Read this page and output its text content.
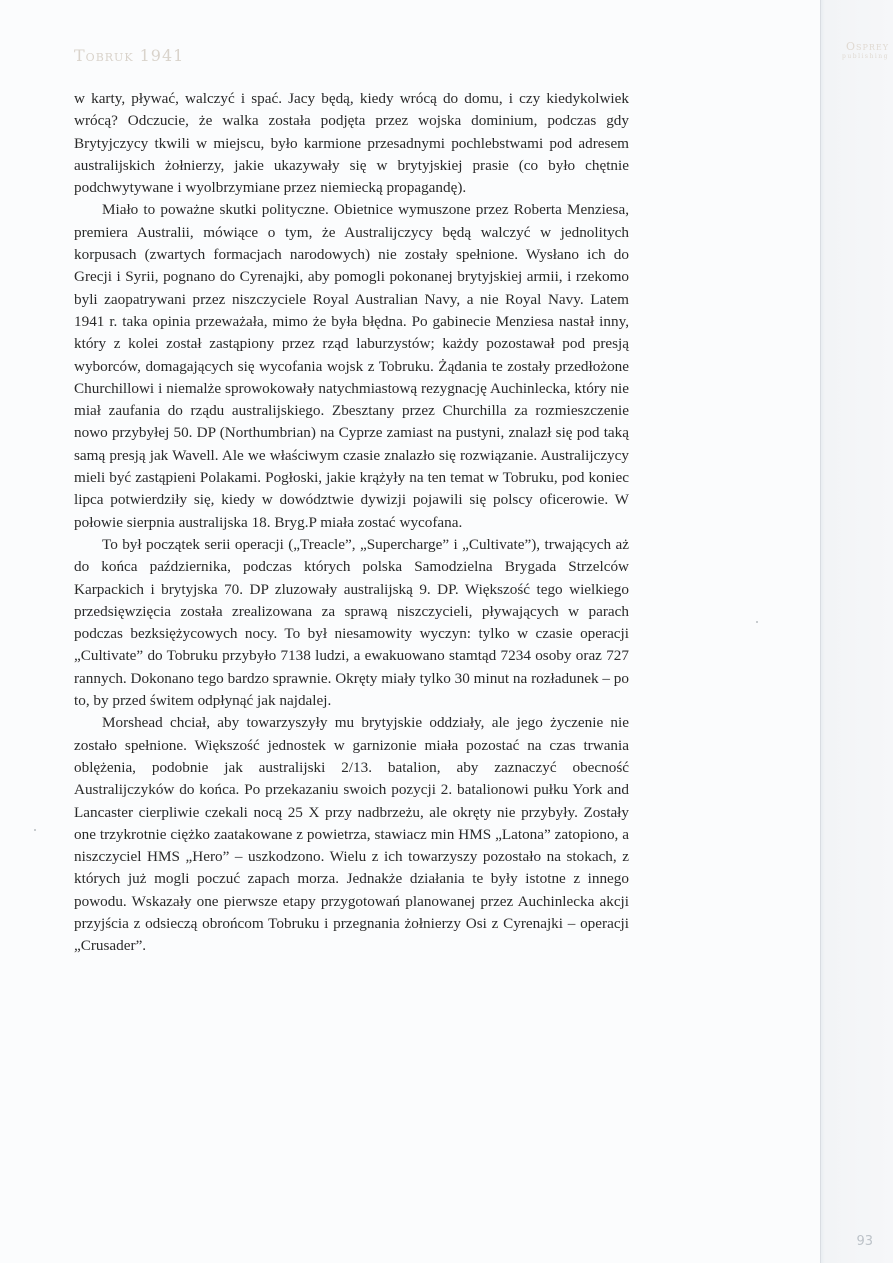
Tobruk 1941	Osprey
publishing

w karty, pływać, walczyć i spać. Jacy będą, kiedy wrócą do domu, i czy kiedykolwiek wrócą? Odczucie, że walka została podjęta przez wojska dominium, podczas gdy Brytyjczycy tkwili w miejscu, było karmione przesadnymi pochlebstwami pod adresem australijskich żołnierzy, jakie ukazywały się w brytyjskiej prasie (co było chętnie podchwytywane i wyolbrzymiane przez niemiecką propagandę).

Miało to poważne skutki polityczne. Obietnice wymuszone przez Roberta Menziesa, premiera Australii, mówiące o tym, że Australijczycy będą walczyć w jednolitych korpusach (zwartych formacjach narodowych) nie zostały spełnione. Wysłano ich do Grecji i Syrii, pognano do Cyrenajki, aby pomogli pokonanej brytyjskiej armii, i rzekomo byli zaopatrywani przez niszczyciele Royal Australian Navy, a nie Royal Navy. Latem 1941 r. taka opinia przeważała, mimo że była błędna. Po gabinecie Menziesa nastał inny, który z kolei został zastąpiony przez rząd laburzystów; każdy pozostawał pod presją wyborców, domagających się wycofania wojsk z Tobruku. Żądania te zostały przedłożone Churchillowi i niemalże sprowokowały natychmiastową rezygnację Auchinlecka, który nie miał zaufania do rządu australijskiego. Zbesztany przez Churchilla za rozmieszczenie nowo przybyłej 50. DP (Northumbrian) na Cyprze zamiast na pustyni, znalazł się pod taką samą presją jak Wavell. Ale we właściwym czasie znalazło się rozwiązanie. Australijczycy mieli być zastąpieni Polakami. Pogłoski, jakie krążyły na ten temat w Tobruku, pod koniec lipca potwierdziły się, kiedy w dowództwie dywizji pojawili się polscy oficerowie. W połowie sierpnia australijska 18. Bryg.P miała zostać wycofana.

To był początek serii operacji („Treacle”, „Supercharge” i „Cultivate”), trwających aż do końca października, podczas których polska Samodzielna Brygada Strzelców Karpackich i brytyjska 70. DP zluzowały australijską 9. DP. Większość tego wielkiego przedsięwzięcia została zrealizowana za sprawą niszczycieli, pływających w parach podczas bezksiężycowych nocy. To był niesamowity wyczyn: tylko w czasie operacji „Cultivate” do Tobruku przybyło 7138 ludzi, a ewakuowano stamtąd 7234 osoby oraz 727 rannych. Dokonano tego bardzo sprawnie. Okręty miały tylko 30 minut na rozładunek – po to, by przed świtem odpłynąć jak najdalej.

Morshead chciał, aby towarzyszyły mu brytyjskie oddziały, ale jego życzenie nie zostało spełnione. Większość jednostek w garnizonie miała pozostać na czas trwania oblężenia, podobnie jak australijski 2/13. batalion, aby zaznaczyć obecność Australijczyków do końca. Po przekazaniu swoich pozycji 2. batalionowi pułku York and Lancaster cierpliwie czekali nocą 25 X przy nadbrzeżu, ale okręty nie przybyły. Zostały one trzykrotnie ciężko zaatakowane z powietrza, stawiacz min HMS „Latona” zatopiono, a niszczyciel HMS „Hero” – uszkodzono. Wielu z ich towarzyszy pozostało na stokach, z których już mogli poczuć zapach morza. Jednakże działania te były istotne z innego powodu. Wskazały one pierwsze etapy przygotowań planowanej przez Auchinlecka akcji przyjścia z odsieczą obrońcom Tobruku i przegnania żołnierzy Osi z Cyrenajki – operacji „Crusader”.

93
